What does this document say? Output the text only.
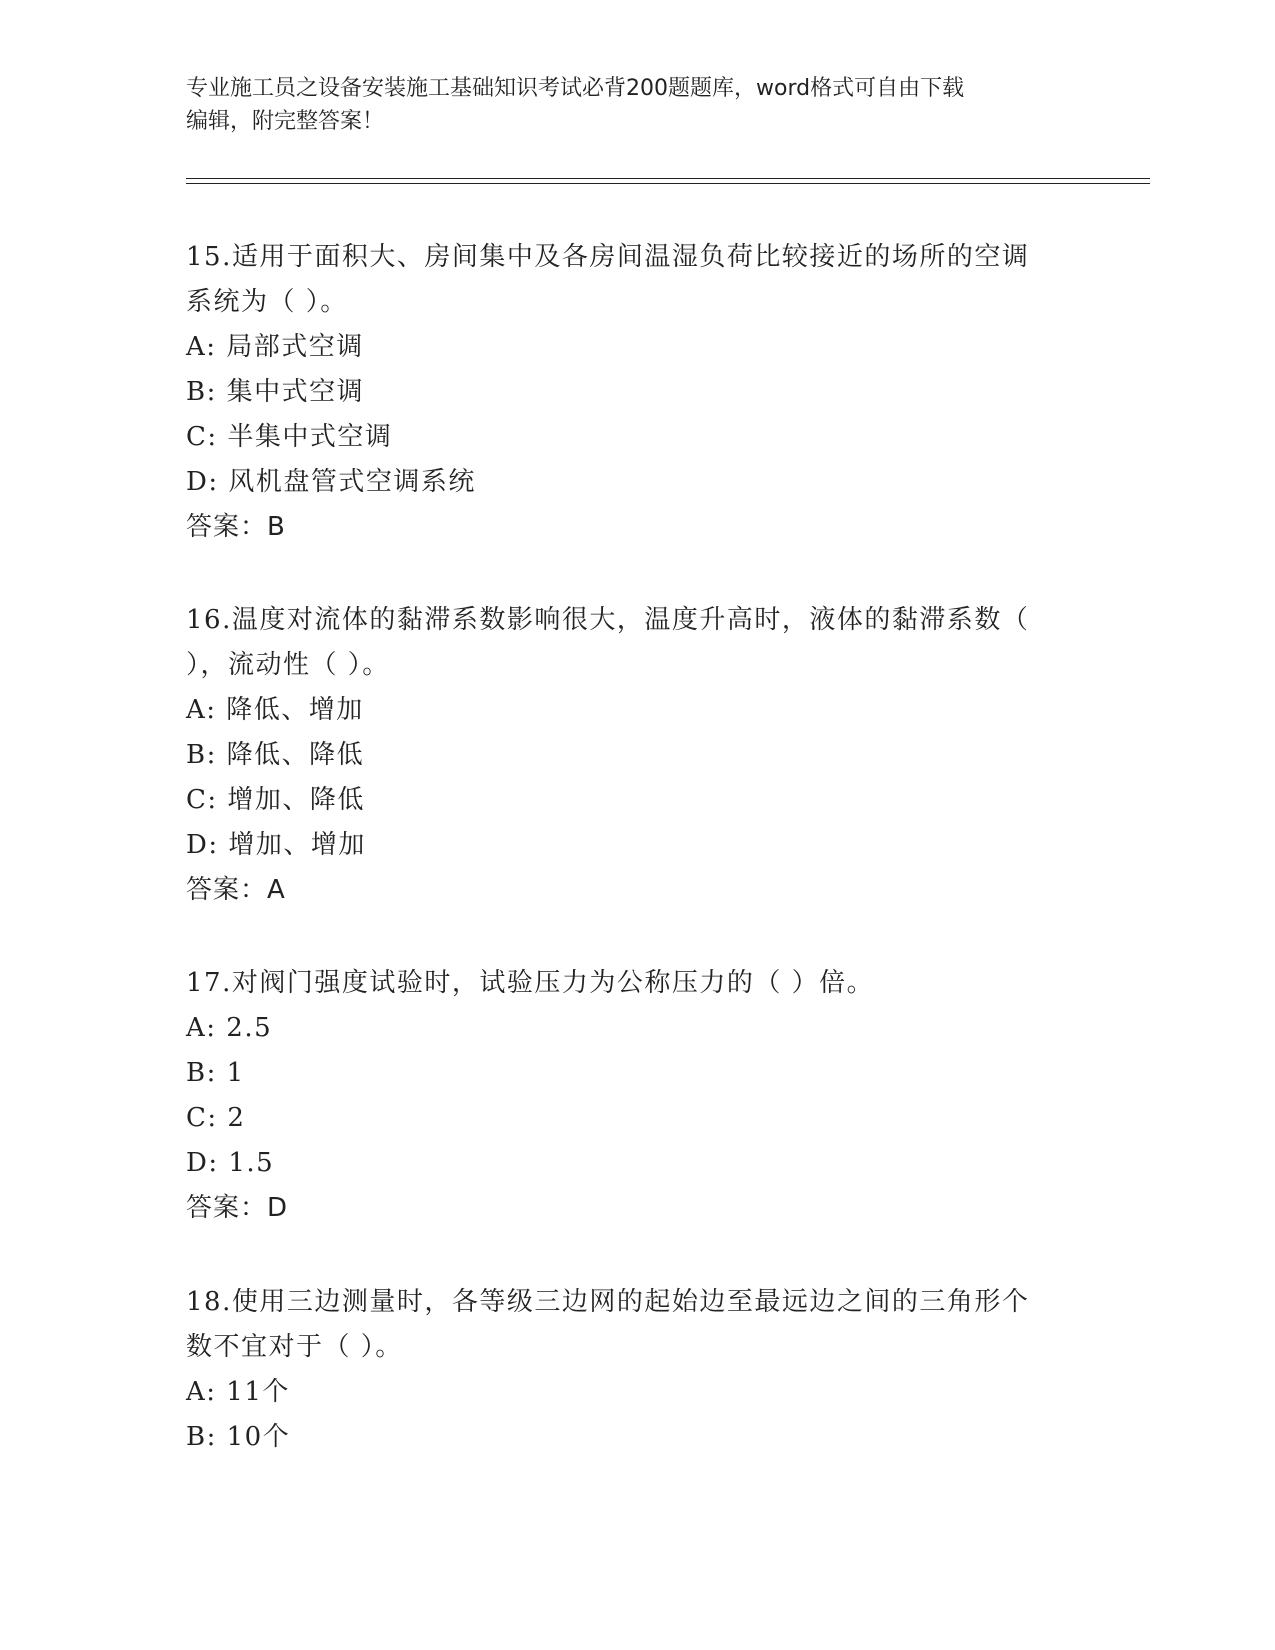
专业施工员之设备安装施工基础知识考试必背200题题库，word格式可自由下载
编辑，附完整答案！
15.适用于面积大、房间集中及各房间温湿负荷比较接近的场所的空调
系统为（ ）。
A: 局部式空调
B: 集中式空调
C: 半集中式空调
D: 风机盘管式空调系统
答案：B
16.温度对流体的黏滞系数影响很大，温度升高时，液体的黏滞系数（
），流动性（ ）。
A: 降低、增加
B: 降低、降低
C: 增加、降低
D: 增加、增加
答案：A
17.对阀门强度试验时，试验压力为公称压力的（ ）倍。
A: 2.5
B: 1
C: 2
D: 1.5
答案：D
18.使用三边测量时，各等级三边网的起始边至最远边之间的三角形个
数不宜对于（ ）。
A: 11个
B: 10个
